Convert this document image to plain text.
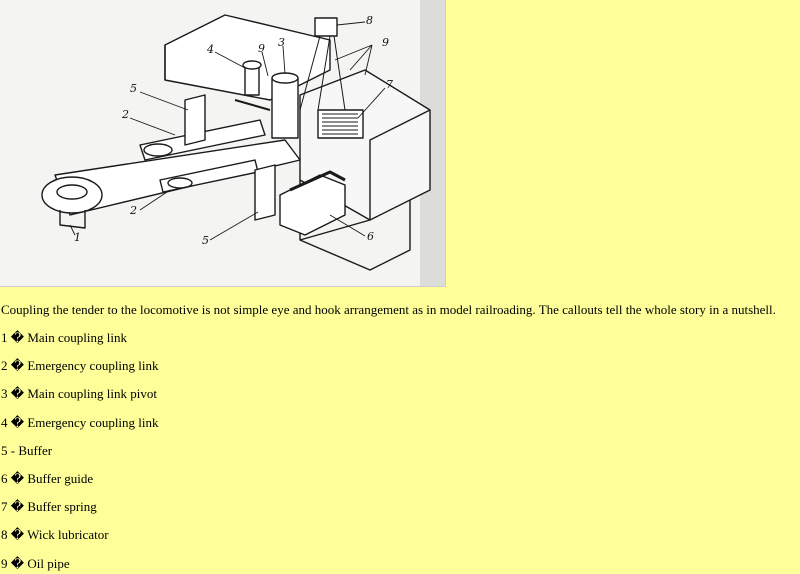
8
9
4	9 3
5	7
2
2
5
1	6

Coupling the tender to the locomotive is not simple eye and hook arrangement as in model railroading. The callouts tell the whole story in a nutshell.

1 � Main coupling link
2 � Emergency coupling link
3 � Main coupling link pivot
4 � Emergency coupling link
5 - Buffer
6 � Buffer guide
7 � Buffer spring
8 � Wick lubricator
9 � Oil pipe
